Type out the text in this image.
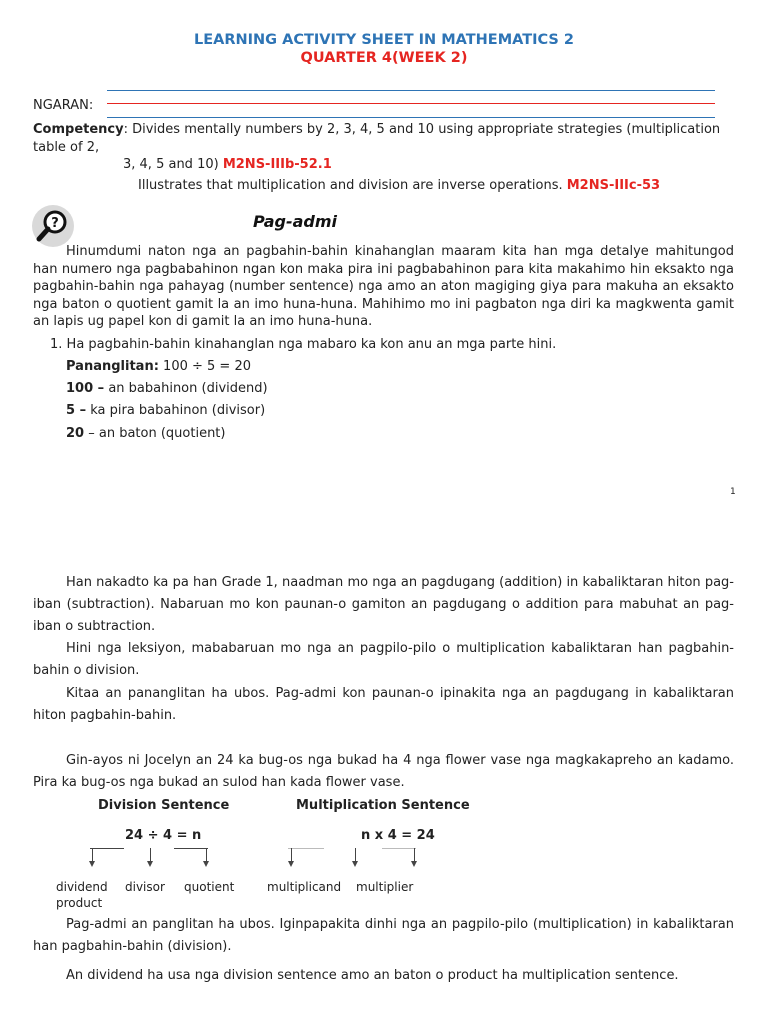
LEARNING ACTIVITY SHEET IN MATHEMATICS 2
QUARTER 4(WEEK 2)
NGARAN:
Competency: Divides mentally numbers by 2, 3, 4, 5 and 10 using appropriate strategies (multiplication table of 2,
3, 4, 5 and 10) M2NS-IIIb-52.1
Illustrates that multiplication and division are inverse operations. M2NS-IIIc-53
?	Pag-admi
Hinumdumi naton nga an pagbahin-bahin kinahanglan maaram kita han mga detalye mahitungod han numero nga pagbabahinon ngan kon maka pira ini pagbabahinon para kita makahimo hin eksakto nga pagbahin-bahin nga pahayag (number sentence) nga amo an aton magiging giya para makuha an eksakto nga baton o quotient gamit la an imo huna-huna. Mahihimo mo ini pagbaton nga diri ka magkwenta gamit an lapis ug papel kon di gamit la an imo huna-huna.
1. Ha pagbahin-bahin kinahanglan nga mabaro ka kon anu an mga parte hini.
Pananglitan: 100 ÷ 5 = 20
100 – an babahinon (dividend)
5 – ka pira babahinon (divisor)
20 – an baton (quotient)
1
Han nakadto ka pa han Grade 1, naadman mo nga an pagdugang (addition) in kabaliktaran hiton pag-iban (subtraction). Nabaruan mo kon paunan-o gamiton an pagdugang o addition para mabuhat an pag-iban o subtraction.
Hini nga leksiyon, mababaruan mo nga an pagpilo-pilo o multiplication kabaliktaran han pagbahin-bahin o division.
Kitaa an pananglitan ha ubos. Pag-admi kon paunan-o ipinakita nga an pagdugang in kabaliktaran hiton pagbahin-bahin.
Gin-ayos ni Jocelyn an 24 ka bug-os nga bukad ha 4 nga flower vase nga magkakapreho an kadamo. Pira ka bug-os nga bukad an sulod han kada flower vase.
Division Sentence	Multiplication Sentence
24 ÷ 4 = n	n x 4 = 24
dividend
product
divisor quotient	multiplicand multiplier
Pag-admi an panglitan ha ubos. Iginpapakita dinhi nga an pagpilo-pilo (multiplication) in kabaliktaran han pagbahin-bahin (division).
An dividend ha usa nga division sentence amo an baton o product ha multiplication sentence.
